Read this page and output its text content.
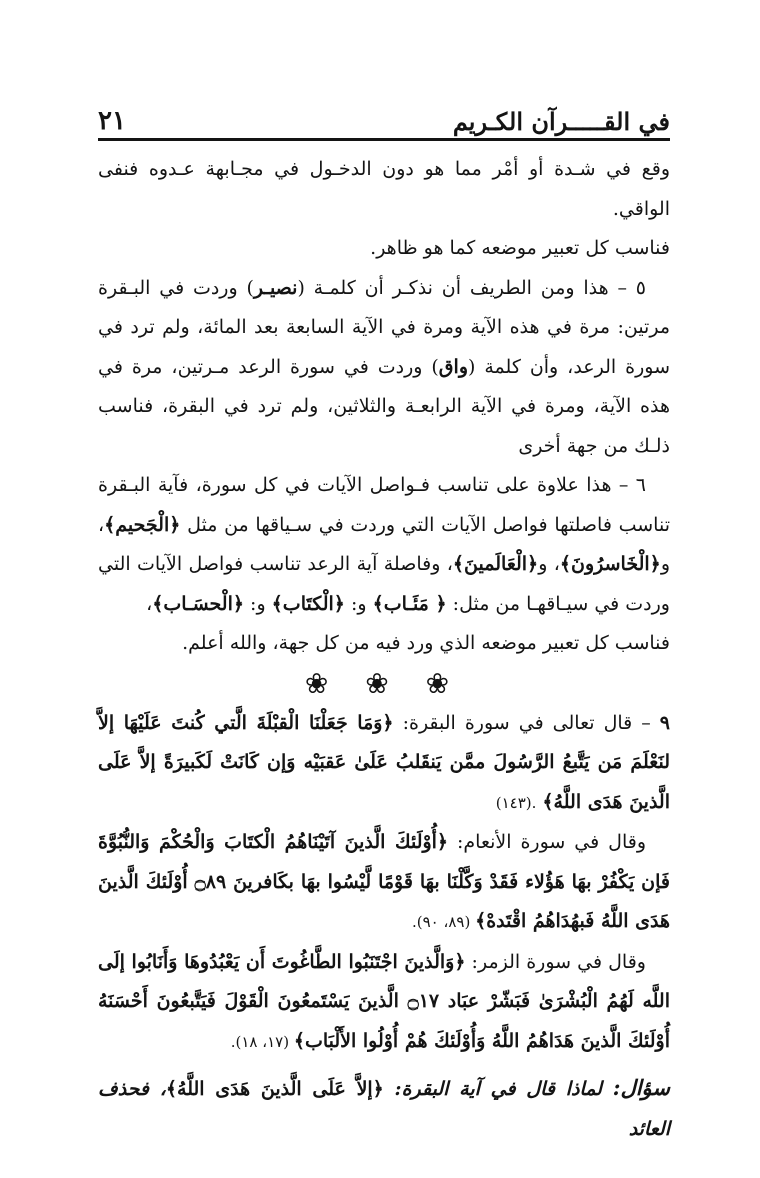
في القـــــرآن الكـريم
٢١

وقع في شـدة أو أمْر مما هو دون الدخـول في مجـابهة عـدوه فنفى الواقي.

فناسب كل تعبير موضعه كما هو ظاهر.

٥ – هذا ومن الطريف أن نذكـر أن كلمـة (نصيـر) وردت في البـقرة مرتين: مرة في هذه الآية ومرة في الآية السابعة بعد المائة، ولم ترد في سورة الرعد، وأن كلمة (واق) وردت في سورة الرعد مـرتين، مرة في هذه الآية، ومرة في الآية الرابعـة والثلاثين، ولم ترد في البقرة، فناسب ذلـك من جهة أخرى

٦ – هذا علاوة على تناسب فـواصل الآيات في كل سورة، فآية البـقرة تناسب فاصلتها فواصل الآيات التي وردت في سـياقها من مثل ﴿الْجَحيم﴾، و﴿الْخَاسرُونَ﴾، و﴿الْعَالَمينَ﴾، وفاصلة آية الرعد تناسب فواصل الآيات التي وردت في سيـاقهـا من مثل: ﴿ مَئَـاب﴾ و: ﴿الْكتَاب﴾ و: ﴿الْحسَـاب﴾،

فناسب كل تعبير موضعه الذي ورد فيه من كل جهة، والله أعلم.

❀ ❀ ❀

٩ – قال تعالى في سورة البقرة: ﴿وَمَا جَعَلْنَا الْقبْلَةَ الَّتي كُنتَ عَلَيْهَا إلاَّ لنَعْلَمَ مَن يَتَّبعُ الرَّسُولَ ممَّن يَنقَلبُ عَلَىٰ عَقبَيْه وَإن كَانَتْ لَكَبيرَةً إلاَّ عَلَى الَّذينَ هَدَى اللَّهُ﴾ .(١٤٣)

وقال في سورة الأنعام: ﴿أُوْلَئكَ الَّذينَ آتَيْنَاهُمُ الْكتَابَ وَالْحُكْمَ وَالنُّبُوَّةَ فَإن يَكْفُرْ بهَا هَؤُلاء فَقَدْ وَكَّلْنَا بهَا قَوْمًا لَّيْسُوا بهَا بكَافرينَ ۝٨٩ أُوْلَئكَ الَّذينَ هَدَى اللَّهُ فَبهُدَاهُمُ اقْتَدهْ﴾ (٨٩، ٩٠).

وقال في سورة الزمر: ﴿وَالَّذينَ اجْتَنَبُوا الطَّاغُوتَ أَن يَعْبُدُوهَا وَأَنَابُوا إلَى اللَّه لَهُمُ الْبُشْرَىٰ فَبَشّرْ عبَاد ۝١٧ الَّذينَ يَسْتَمعُونَ الْقَوْلَ فَيَتَّبعُونَ أَحْسَنَهُ أُوْلَئكَ الَّذينَ هَدَاهُمُ اللَّهُ وَأُوْلَئكَ هُمْ أُوْلُوا الأَلْبَاب﴾ (١٧، ١٨).

سؤال: لماذا قال في آية البقرة: ﴿إلاَّ عَلَى الَّذينَ هَدَى اللَّهُ﴾، فحذف العائد
